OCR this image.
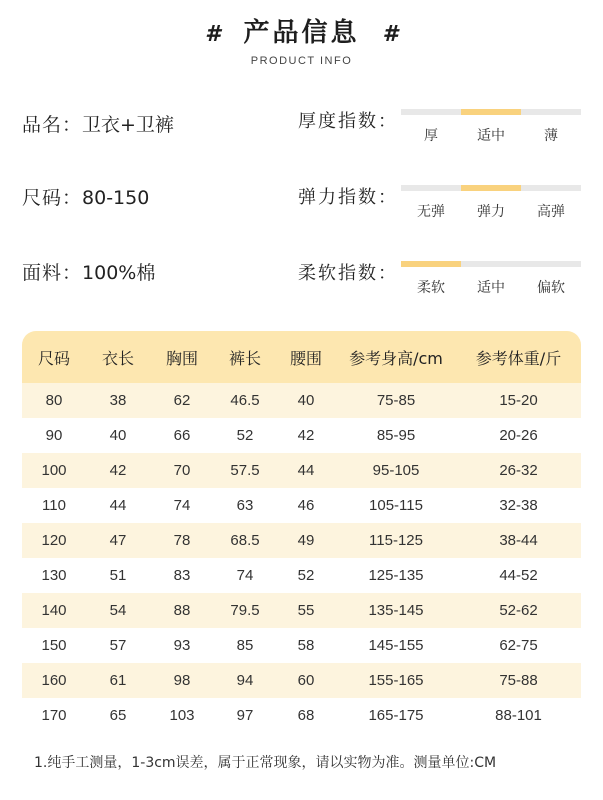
# 产品信息 #
PRODUCT INFO
品名：卫衣+卫裤
尺码：80-150
面料：100%棉
厚度指数：
厚	适中	薄
弹力指数：
无弹	弹力	高弹
柔软指数：
柔软	适中	偏软
尺码	衣长	胸围	裤长	腰围	参考身高/cm	参考体重/斤
80	38	62	46.5	40	75-85	15-20
90	40	66	52	42	85-95	20-26
100	42	70	57.5	44	95-105	26-32
110	44	74	63	46	105-115	32-38
120	47	78	68.5	49	115-125	38-44
130	51	83	74	52	125-135	44-52
140	54	88	79.5	55	135-145	52-62
150	57	93	85	58	145-155	62-75
160	61	98	94	60	155-165	75-88
170	65	103	97	68	165-175	88-101
1.纯手工测量，1-3cm误差，属于正常现象，请以实物为准。测量单位:CM
